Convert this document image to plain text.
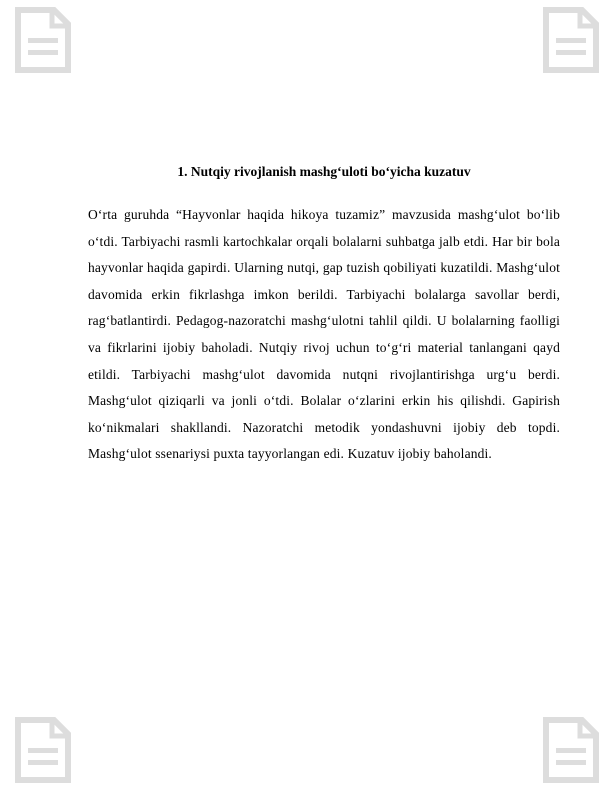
1. Nutqiy rivojlanish mashg‘uloti bo‘yicha kuzatuv

O‘rta guruhda “Hayvonlar haqida hikoya tuzamiz” mavzusida mashg‘ulot bo‘lib o‘tdi. Tarbiyachi rasmli kartochkalar orqali bolalarni suhbatga jalb etdi. Har bir bola hayvonlar haqida gapirdi. Ularning nutqi, gap tuzish qobiliyati kuzatildi. Mashg‘ulot davomida erkin fikrlashga imkon berildi. Tarbiyachi bolalarga savollar berdi, rag‘batlantirdi. Pedagog-nazoratchi mashg‘ulotni tahlil qildi. U bolalarning faolligi va fikrlarini ijobiy baholadi. Nutqiy rivoj uchun to‘g‘ri material tanlangani qayd etildi. Tarbiyachi mashg‘ulot davomida nutqni rivojlantirishga urg‘u berdi. Mashg‘ulot qiziqarli va jonli o‘tdi. Bolalar o‘zlarini erkin his qilishdi. Gapirish ko‘nikmalari shakllandi. Nazoratchi metodik yondashuvni ijobiy deb topdi. Mashg‘ulot ssenariysi puxta tayyorlangan edi. Kuzatuv ijobiy baholandi.
